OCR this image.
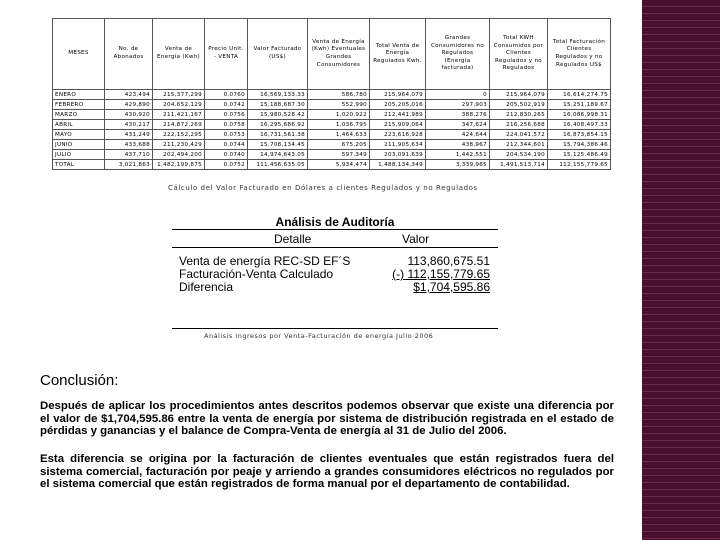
MESES	No. de Abonados	Venta de Energía (Kwh)	Precio Unit. - VENTA	Valor Facturado (US$)	Venta de Energía (Kwh) Eventuales Grandes Consumidores	Total Venta de Energía Regulados Kwh.	Grandes Consumidores no Regulados (Energía facturada)	Total KWH Consumidos por Clientes Regulados y no Regulados	Total Facturación Clientes Regulados y no Regulados US$
ENERO	423,494	215,377,299	0.0760	16,569,133.33	586,780	215,964,079	0	215,964,079	16,614,274.75
FEBRERO	429,890	204,652,129	0.0742	15,188,687.30	552,990	205,205,016	297,903	205,502,919	15,251,189.67
MARZO	430,920	211,421,167	0.0756	15,980,528.42	1,020,922	212,441,989	388,276	212,830,265	16,086,998.31
ABRIL	430,217	214,872,269	0.0758	16,295,686.92	1,036,795	215,909,064	347,624	216,256,688	16,408,497.33
MAYO	431,249	222,152,295	0.0753	16,731,561.38	1,464,633	223,616,928	424,644	224,041,572	16,873,854.15
JUNIO	433,688	211,230,429	0.0744	15,708,134.45	675,205	211,905,634	438,967	212,344,601	15,794,386.46
JULIO	437,710	202,494,200	0.0740	14,974,643.05	597,349	203,091,639	1,442,551	204,534,190	15,125,486.49
TOTAL	3,021,863	1,482,199,875	0.0752	111,456,635.05	5,934,474	1,488,134,349	3,339,965	1,491,513,714	112,155,779.65
Cálculo del Valor Facturado en Dólares a clientes Regulados y no Regulados
Análisis de Auditoría
Detalle	Valor
Venta de energía REC-SD EF´S	113,860,675.51
Facturación-Venta Calculado	(-) 112,155,779.65
Diferencia	$1,704,595.86
Análisis Ingresos por Venta-Facturación de energía Julio 2006
Conclusión:
Después de aplicar los procedimientos antes descritos podemos observar que existe una diferencia por el valor de $1,704,595.86 entre la venta de energía por sistema de distribución registrada en el estado de pérdidas y ganancias y el balance de Compra-Venta de energía al 31 de Julio del 2006.
Esta diferencia se origina por la facturación de clientes eventuales que están registrados fuera del sistema comercial, facturación por peaje y arriendo a grandes consumidores eléctricos no regulados por el sistema comercial que están registrados de forma manual por el departamento de contabilidad.
